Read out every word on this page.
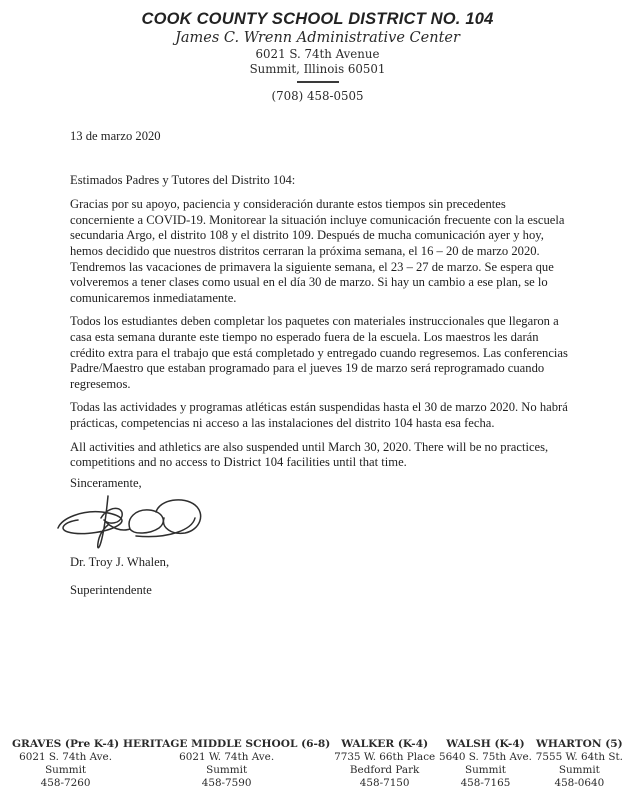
COOK COUNTY SCHOOL DISTRICT NO. 104
James C. Wrenn Administrative Center
6021 S. 74th Avenue
Summit, Illinois 60501
(708) 458-0505
13 de marzo 2020
Estimados Padres y Tutores del Distrito 104:

Gracias por su apoyo, paciencia y consideración durante estos tiempos sin precedentes concerniente a COVID-19. Monitorear la situación incluye comunicación frecuente con la escuela secundaria Argo, el distrito 108 y el distrito 109. Después de mucha comunicación ayer y hoy, hemos decidido que nuestros distritos cerraran la próxima semana, el 16 – 20 de marzo 2020. Tendremos las vacaciones de primavera la siguiente semana, el 23 – 27 de marzo. Se espera que volveremos a tener clases como usual en el día 30 de marzo. Si hay un cambio a ese plan, se lo comunicaremos inmediatamente.

Todos los estudiantes deben completar los paquetes con materiales instruccionales que llegaron a casa esta semana durante este tiempo no esperado fuera de la escuela. Los maestros les darán crédito extra para el trabajo que está completado y entregado cuando regresemos. Las conferencias Padre/Maestro que estaban programado para el jueves 19 de marzo será reprogramado cuando regresemos.

Todas las actividades y programas atléticas están suspendidas hasta el 30 de marzo 2020. No habrá prácticas, competencias ni acceso a las instalaciones del distrito 104 hasta esa fecha.

All activities and athletics are also suspended until March 30, 2020. There will be no practices, competitions and no access to District 104 facilities until that time.

Sinceramente,
Dr. Troy J. Whalen,
Superintendente
GRAVES (Pre K-4)
6021 S. 74th Ave.
Summit
458-7260
HERITAGE MIDDLE SCHOOL (6-8)
6021 W. 74th Ave.
Summit
458-7590
WALKER (K-4)
7735 W. 66th Place
Bedford Park
458-7150
WALSH (K-4)
5640 S. 75th Ave.
Summit
458-7165
WHARTON (5)
7555 W. 64th St.
Summit
458-0640
